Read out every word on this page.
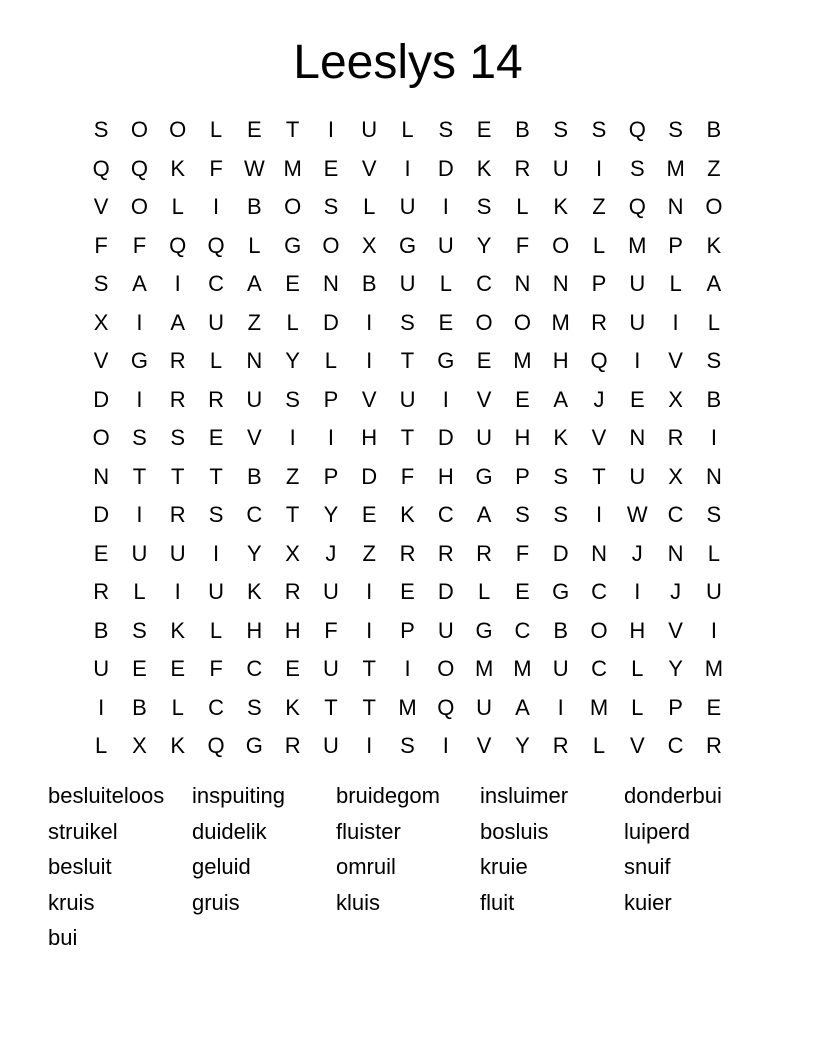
Leeslys 14
S	O O	L	E	T	I	U	L	S	E	B	S	S	Q	S	B
Q Q	K	F W M E	V	I	D	K	R	U	I	S M	Z
V	O	L	I	B	O	S	L	U	I	S	L	K	Z	Q N O
F	F	Q Q	L	G O	X	G U	Y	F	O	L	M P	K
S	A	I	C	A	E	N	B	U	L	C	N	N	P	U	L	A
X	I	A	U	Z	L	D	I	S	E	O O M R	U	I	L
V	G R	L	N	Y	L	I	T	G	E M H Q	I	V	S
D	I	R	R	U	S	P	V	U	I	V	E	A	J	E	X	B
O	S	S	E	V	I	I	H	T	D	U	H	K	V	N	R	I
N	T	T	T	B	Z	P	D	F	H G	P	S	T	U	X	N
D	I	R	S	C	T	Y	E	K	C	A	S	S	I	W C	S
E	U	U	I	Y	X	J	Z	R	R	R	F	D	N	J	N	L
R	L	I	U	K	R	U	I	E	D	L	E	G C	I	J	U
B	S	K	L	H	H	F	I	P	U G C	B	O H	V	I
U	E	E	F	C	E	U	T	I	O M M U	C	L	Y M
I	B	L	C	S	K	T	T	M Q U	A	I	M	L	P	E
L	X	K	Q G R	U	I	S	I	V	Y	R	L	V	C	R
besluiteloos	inspuiting	bruidegom	insluimer	donderbui
struikel	duidelik	fluister	bosluis	luiperd
besluit	geluid	omruil	kruie	snuif
kruis	gruis	kluis	fluit	kuier
bui
